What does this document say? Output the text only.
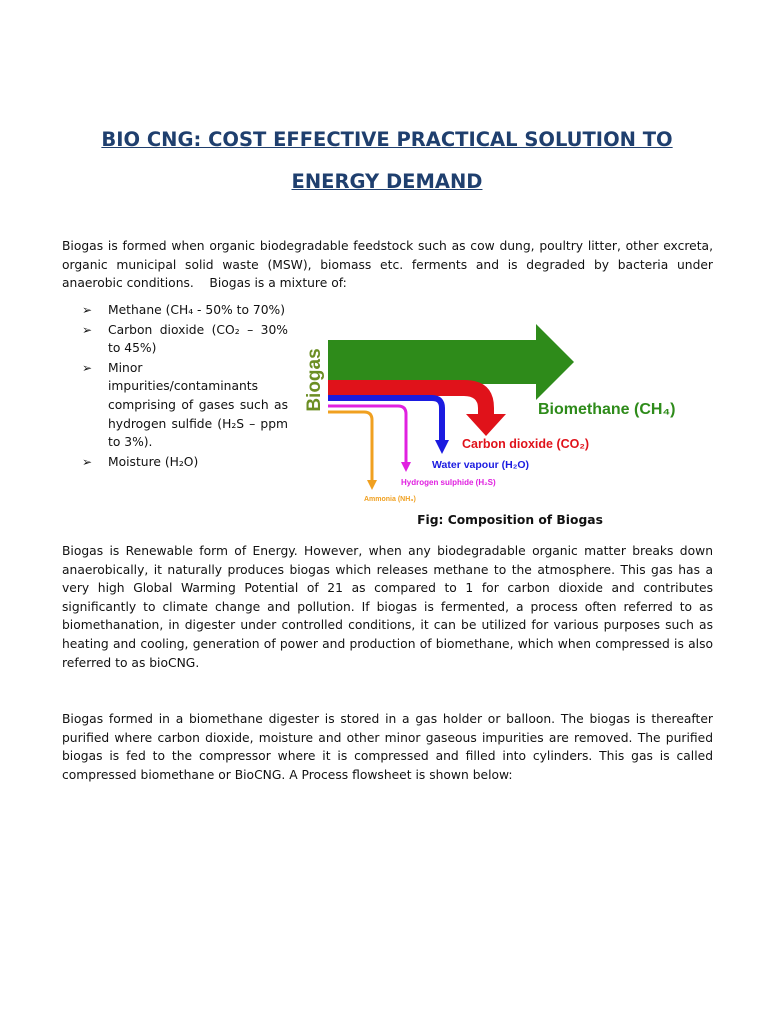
BIO CNG: COST EFFECTIVE PRACTICAL SOLUTION TO
ENERGY DEMAND
Biogas is formed when organic biodegradable feedstock such as cow dung, poultry litter, other excreta, organic municipal solid waste (MSW), biomass etc. ferments and is degraded by bacteria under anaerobic conditions.    Biogas is a mixture of:
➢ Methane (CH₄ - 50% to 70%)
➢ Carbon dioxide (CO₂ – 30% to 45%)
➢ Minor impurities/contaminants comprising of gases such as hydrogen sulfide (H₂S – ppm to 3%).
➢ Moisture (H₂O)
Biogas	Biomethane (CH₄)
Carbon dioxide (CO₂)
Water vapour (H₂O)
Hydrogen sulphide (H₂S)
Ammonia (NH₃)
Fig: Composition of Biogas
Biogas is Renewable form of Energy. However, when any biodegradable organic matter breaks down anaerobically, it naturally produces biogas which releases methane to the atmosphere. This gas has a very high Global Warming Potential of 21 as compared to 1 for carbon dioxide and contributes significantly to climate change and pollution. If biogas is fermented, a process often referred to as biomethanation, in digester under controlled conditions, it can be utilized for various purposes such as heating and cooling, generation of power and production of biomethane, which when compressed is also referred to as bioCNG.
Biogas formed in a biomethane digester is stored in a gas holder or balloon. The biogas is thereafter purified where carbon dioxide, moisture and other minor gaseous impurities are removed. The purified biogas is fed to the compressor where it is compressed and filled into cylinders. This gas is called compressed biomethane or BioCNG. A Process flowsheet is shown below:
